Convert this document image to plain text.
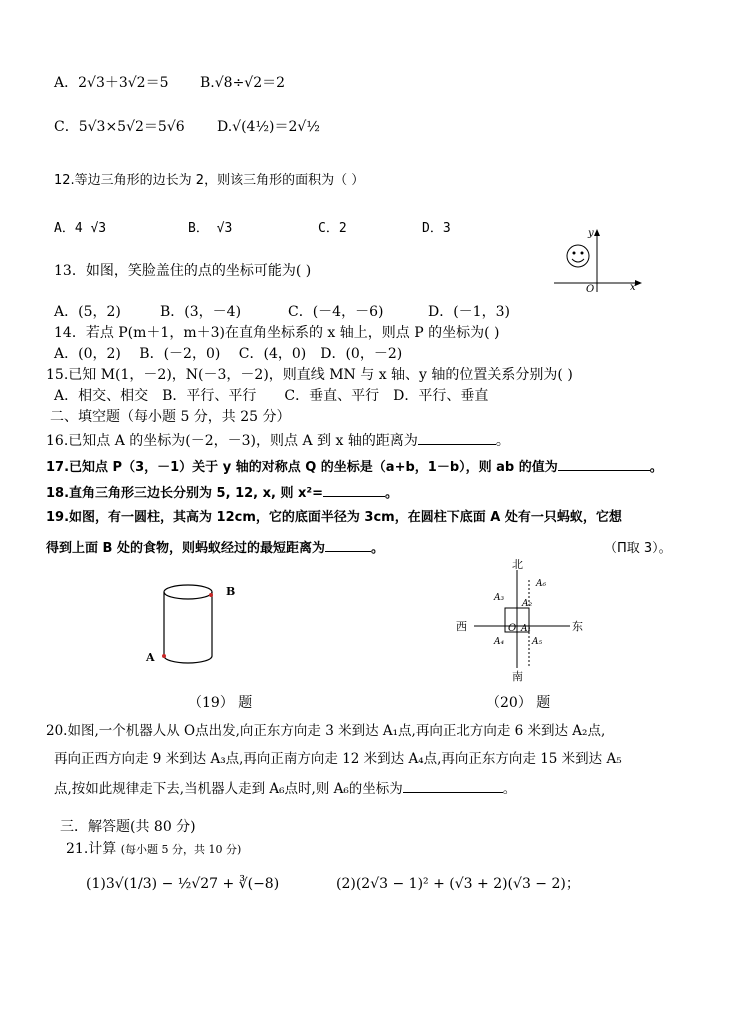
A．2√3＋3√2＝5 B.√8÷√2＝2
C．5√3×5√2＝5√6 D.√(4½)＝2√½
12.等边三角形的边长为 2，则该三角形的面积为（ ）
A．4 √3	B． √3	C．2	D．3
13．如图，笑脸盖住的点的坐标可能为( )
y
x
O
A．(5，2)	B．(3，－4)	C．(－4，－6)	D．(－1，3)
14．若点 P(m＋1，m＋3)在直角坐标系的 x 轴上，则点 P 的坐标为( )
A．(0，2)　 B．(－2，0)　 C．(4，0)　D．(0，－2)
15.已知 M(1，－2)，N(－3，－2)，则直线 MN 与 x 轴、y 轴的位置关系分别为( )
A．相交、相交　B．平行、平行　　C．垂直、平行　D．平行、垂直
二、填空题（每小题 5 分，共 25 分）
16.已知点 A 的坐标为(－2，－3)，则点 A 到 x 轴的距离为	。
17.已知点 P（3，－1）关于 y 轴的对称点 Q 的坐标是（a+b，1－b），则 ab 的值为	。
18.直角三角形三边长分别为 5, 12, x, 则 x²=	。
19.如图，有一圆柱，其高为 12cm，它的底面半径为 3cm，在圆柱下底面 A 处有一只蚂蚁，它想
得到上面 B 处的食物，则蚂蚁经过的最短距离为	。	（Π取 3）。
A
B
（19） 题
北
南
东
西	O A₁
A₂
A₃
A₄	A₅
A₆
（20） 题
20.如图,一个机器人从 O点出发,向正东方向走 3 米到达 A₁点,再向正北方向走 6 米到达 A₂点,
再向正西方向走 9 米到达 A₃点,再向正南方向走 12 米到达 A₄点,再向正东方向走 15 米到达 A₅
点,按如此规律走下去,当机器人走到 A₆点时,则 A₆的坐标为	。
三．解答题(共 80 分)
21.计算 (每小题 5 分，共 10 分)
(1)3√(1/3) − ½√27 + ∛(−8)	(2)(2√3 − 1)² + (√3 + 2)(√3 − 2)；
